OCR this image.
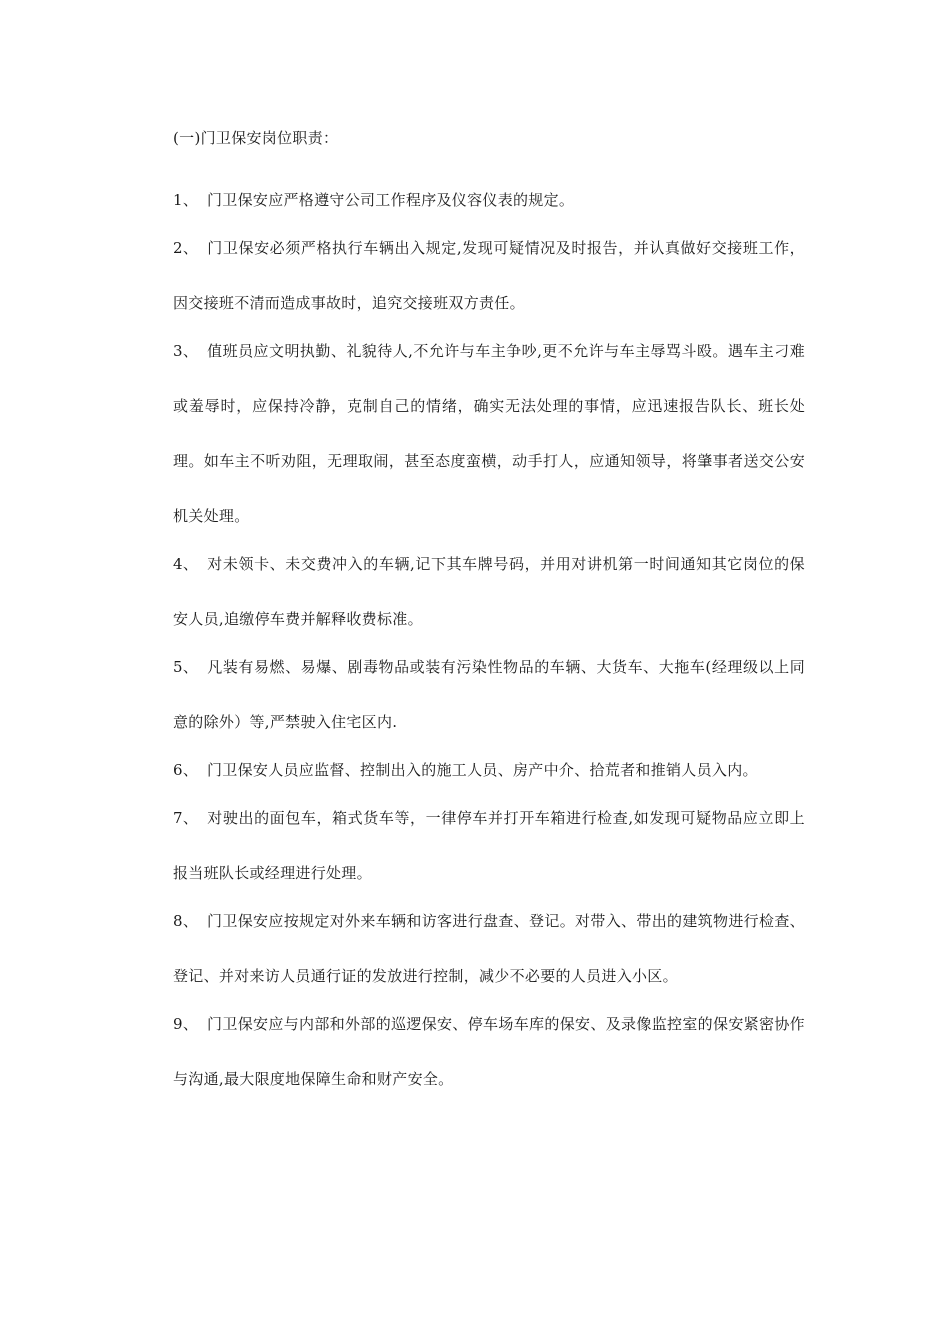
(一)门卫保安岗位职责：

1、 门卫保安应严格遵守公司工作程序及仪容仪表的规定。

2、 门卫保安必须严格执行车辆出入规定,发现可疑情况及时报告，并认真做好交接班工作，因交接班不清而造成事故时，追究交接班双方责任。

3、 值班员应文明执勤、礼貌待人,不允许与车主争吵,更不允许与车主辱骂斗殴。遇车主刁难或羞辱时，应保持冷静，克制自己的情绪，确实无法处理的事情，应迅速报告队长、班长处理。如车主不听劝阻，无理取闹，甚至态度蛮横，动手打人，应通知领导，将肇事者送交公安机关处理。

4、 对未领卡、未交费冲入的车辆,记下其车牌号码，并用对讲机第一时间通知其它岗位的保安人员,追缴停车费并解释收费标准。

5、 凡装有易燃、易爆、剧毒物品或装有污染性物品的车辆、大货车、大拖车(经理级以上同意的除外）等,严禁驶入住宅区内.

6、 门卫保安人员应监督、控制出入的施工人员、房产中介、拾荒者和推销人员入内。

7、 对驶出的面包车，箱式货车等，一律停车并打开车箱进行检查,如发现可疑物品应立即上报当班队长或经理进行处理。

8、 门卫保安应按规定对外来车辆和访客进行盘查、登记。对带入、带出的建筑物进行检查、登记、并对来访人员通行证的发放进行控制，减少不必要的人员进入小区。

9、 门卫保安应与内部和外部的巡逻保安、停车场车库的保安、及录像监控室的保安紧密协作与沟通,最大限度地保障生命和财产安全。
